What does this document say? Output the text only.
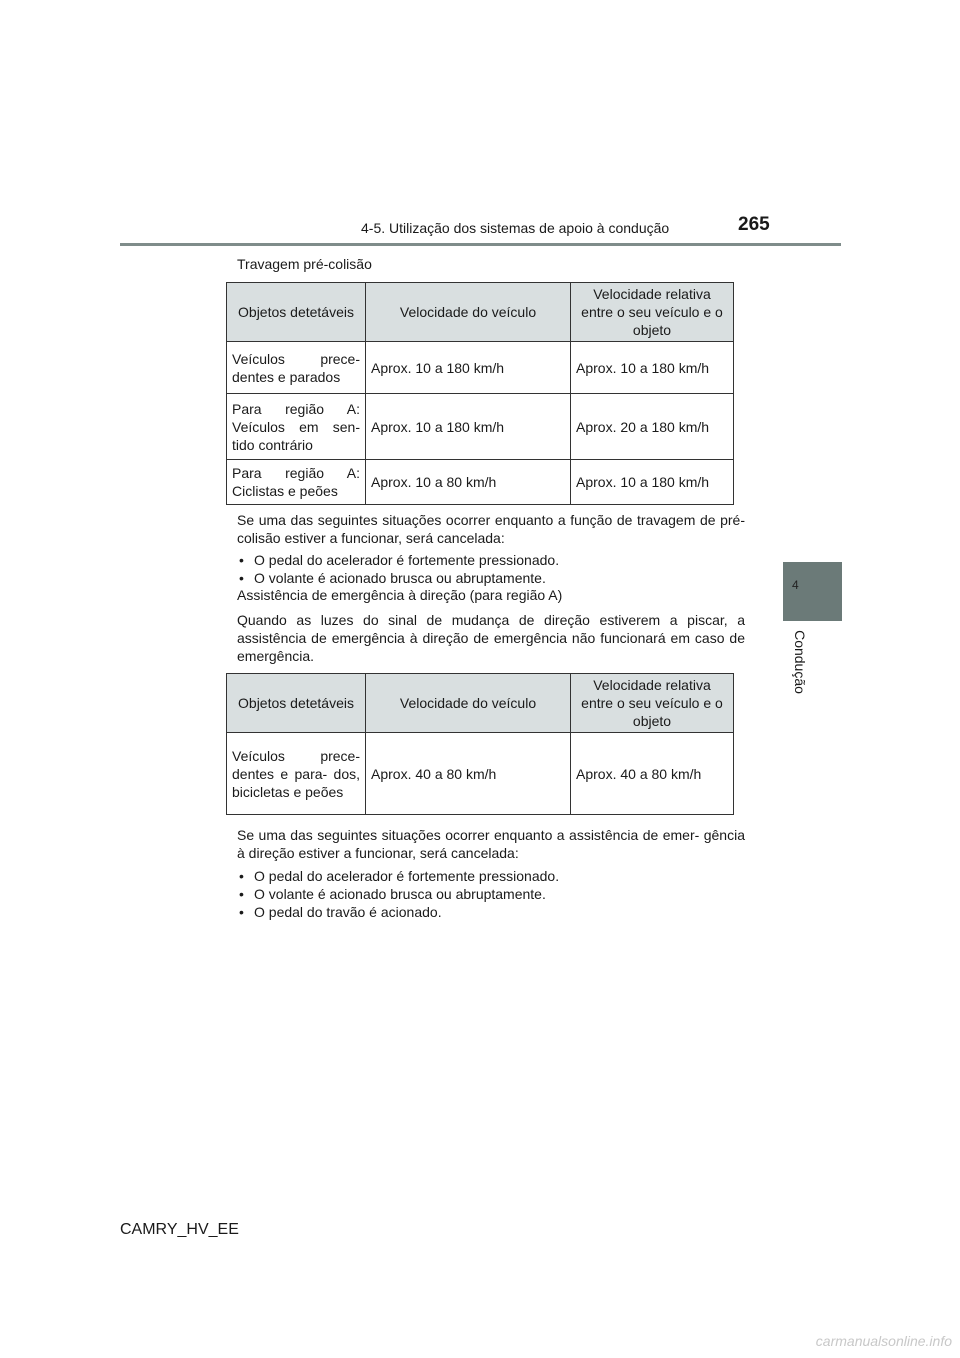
4-5. Utilização dos sistemas de apoio à condução	265
4
Condução
Travagem pré-colisão
Objetos detetáveis	Velocidade do veículo	Velocidade relativa entre o seu veículo e o objeto
Veículos prece- dentes e parados	Aprox. 10 a 180 km/h	Aprox. 10 a 180 km/h
Para região A: Veículos em sen- tido contrário	Aprox. 10 a 180 km/h	Aprox. 20 a 180 km/h
Para região A: Ciclistas e peões	Aprox. 10 a 80 km/h	Aprox. 10 a 180 km/h
Se uma das seguintes situações ocorrer enquanto a função de travagem de pré-colisão estiver a funcionar, será cancelada:
• O pedal do acelerador é fortemente pressionado.
• O volante é acionado brusca ou abruptamente.
Assistência de emergência à direção (para região A)
Quando as luzes do sinal de mudança de direção estiverem a piscar, a assistência de emergência à direção de emergência não funcionará em caso de emergência.
Objetos detetáveis	Velocidade do veículo	Velocidade relativa entre o seu veículo e o objeto
Veículos prece- dentes e para- dos, bicicletas e peões	Aprox. 40 a 80 km/h	Aprox. 40 a 80 km/h
Se uma das seguintes situações ocorrer enquanto a assistência de emer- gência à direção estiver a funcionar, será cancelada:
• O pedal do acelerador é fortemente pressionado.
• O volante é acionado brusca ou abruptamente.
• O pedal do travão é acionado.
CAMRY_HV_EE
carmanualsonline.info
